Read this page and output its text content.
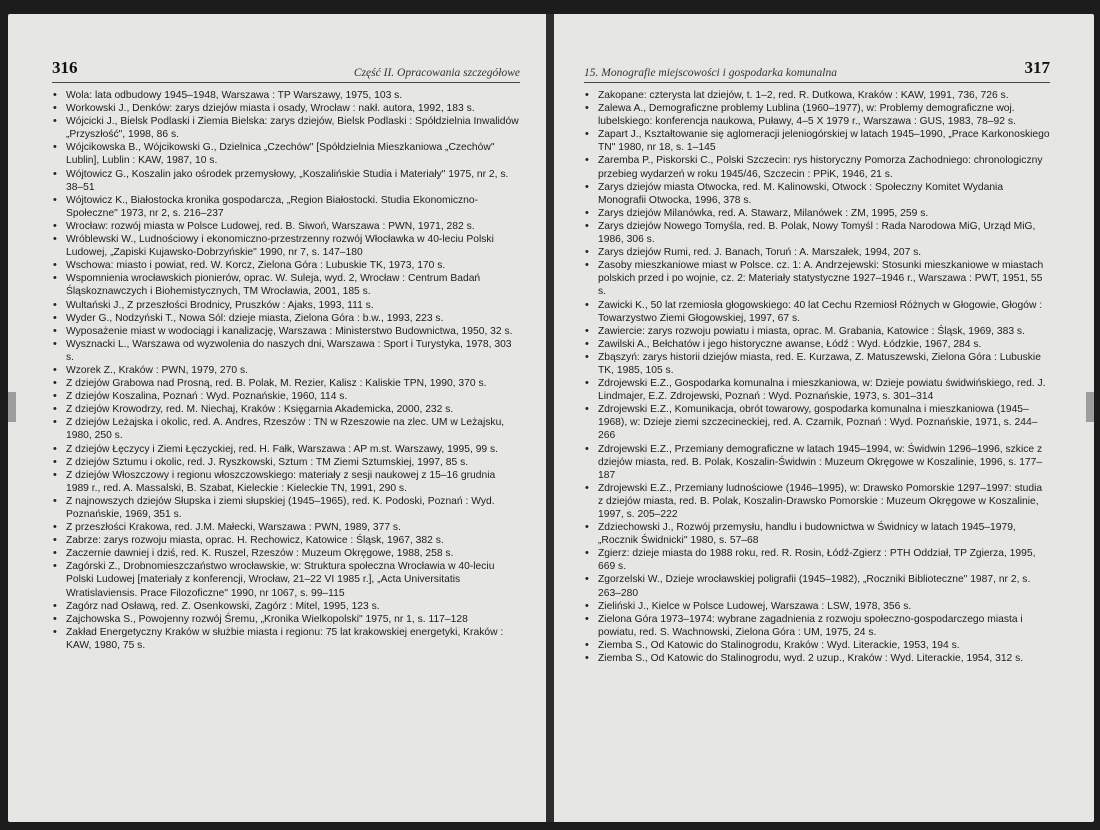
316	Część II. Opracowania szczegółowe
• Wola: lata odbudowy 1945–1948, Warszawa : TP Warszawy, 1975, 103 s.
• Workowski J., Denków: zarys dziejów miasta i osady, Wrocław : nakł. autora, 1992, 183 s.
• Wójcicki J., Bielsk Podlaski i Ziemia Bielska: zarys dziejów, Bielsk Podlaski : Spółdzielnia Inwalidów „Przyszłość", 1998, 86 s.
• Wójcikowska B., Wójcikowski G., Dzielnica „Czechów" [Spółdzielnia Mieszkaniowa „Czechów" Lublin], Lublin : KAW, 1987, 10 s.
• Wójtowicz G., Koszalin jako ośrodek przemysłowy, „Koszalińskie Studia i Materiały" 1975, nr 2, s. 38–51
• Wójtowicz K., Białostocka kronika gospodarcza, „Region Białostocki. Studia Ekonomiczno-Społeczne" 1973, nr 2, s. 216–237
• Wrocław: rozwój miasta w Polsce Ludowej, red. B. Siwoń, Warszawa : PWN, 1971, 282 s.
• Wróblewski W., Ludnościowy i ekonomiczno-przestrzenny rozwój Włocławka w 40-leciu Polski Ludowej, „Zapiski Kujawsko-Dobrzyńskie" 1990, nr 7, s. 147–180
• Wschowa: miasto i powiat, red. W. Korcz, Zielona Góra : Lubuskie TK, 1973, 170 s.
• Wspomnienia wrocławskich pionierów, oprac. W. Suleja, wyd. 2, Wrocław : Centrum Badań Śląskoznawczych i Biohemistycznych, TM Wrocławia, 2001, 185 s.
• Wultański J., Z przeszłości Brodnicy, Pruszków : Ajaks, 1993, 111 s.
• Wyder G., Nodzyński T., Nowa Sól: dzieje miasta, Zielona Góra : b.w., 1993, 223 s.
• Wyposażenie miast w wodociągi i kanalizację, Warszawa : Ministerstwo Budownictwa, 1950, 32 s.
• Wysznacki L., Warszawa od wyzwolenia do naszych dni, Warszawa : Sport i Turystyka, 1978, 303 s.
• Wzorek Z., Kraków : PWN, 1979, 270 s.
• Z dziejów Grabowa nad Prosną, red. B. Polak, M. Rezier, Kalisz : Kaliskie TPN, 1990, 370 s.
• Z dziejów Koszalina, Poznań : Wyd. Poznańskie, 1960, 114 s.
• Z dziejów Krowodrzy, red. M. Niechaj, Kraków : Księgarnia Akademicka, 2000, 232 s.
• Z dziejów Leżajska i okolic, red. A. Andres, Rzeszów : TN w Rzeszowie na zlec. UM w Leżajsku, 1980, 250 s.
• Z dziejów Łęczycy i Ziemi Łęczyckiej, red. H. Fałk, Warszawa : AP m.st. Warszawy, 1995, 99 s.
• Z dziejów Sztumu i okolic, red. J. Ryszkowski, Sztum : TM Ziemi Sztumskiej, 1997, 85 s.
• Z dziejów Włoszczowy i regionu włoszczowskiego: materiały z sesji naukowej z 15–16 grudnia 1989 r., red. A. Massalski, B. Szabat, Kieleckie : Kieleckie TN, 1991, 290 s.
• Z najnowszych dziejów Słupska i ziemi słupskiej (1945–1965), red. K. Podoski, Poznań : Wyd. Poznańskie, 1969, 351 s.
• Z przeszłości Krakowa, red. J.M. Małecki, Warszawa : PWN, 1989, 377 s.
• Zabrze: zarys rozwoju miasta, oprac. H. Rechowicz, Katowice : Śląsk, 1967, 382 s.
• Zaczernie dawniej i dziś, red. K. Ruszel, Rzeszów : Muzeum Okręgowe, 1988, 258 s.
• Zagórski Z., Drobnomieszczaństwo wrocławskie, w: Struktura społeczna Wrocławia w 40-leciu Polski Ludowej [materiały z konferencji, Wrocław, 21–22 VI 1985 r.], „Acta Universitatis Wratislaviensis. Prace Filozoficzne" 1990, nr 1067, s. 99–115
• Zagórz nad Osławą, red. Z. Osenkowski, Zagórz : Mitel, 1995, 123 s.
• Zajchowska S., Powojenny rozwój Śremu, „Kronika Wielkopolski" 1975, nr 1, s. 117–128
• Zakład Energetyczny Kraków w służbie miasta i regionu: 75 lat krakowskiej energetyki, Kraków : KAW, 1980, 75 s.
15. Monografie miejscowości i gospodarka komunalna	317
• Zakopane: czterysta lat dziejów, t. 1–2, red. R. Dutkowa, Kraków : KAW, 1991, 736, 726 s.
• Zalewa A., Demograficzne problemy Lublina (1960–1977), w: Problemy demograficzne woj. lubelskiego: konferencja naukowa, Puławy, 4–5 X 1979 r., Warszawa : GUS, 1983, 78–92 s.
• Zapart J., Kształtowanie się aglomeracji jeleniogórskiej w latach 1945–1990, „Prace Karkonoskiego TN" 1980, nr 18, s. 1–145
• Zaremba P., Piskorski C., Polski Szczecin: rys historyczny Pomorza Zachodniego: chronologiczny przebieg wydarzeń w roku 1945/46, Szczecin : PPiK, 1946, 21 s.
• Zarys dziejów miasta Otwocka, red. M. Kalinowski, Otwock : Społeczny Komitet Wydania Monografii Otwocka, 1996, 378 s.
• Zarys dziejów Milanówka, red. A. Stawarz, Milanówek : ZM, 1995, 259 s.
• Zarys dziejów Nowego Tomyśla, red. B. Polak, Nowy Tomyśl : Rada Narodowa MiG, Urząd MiG, 1986, 306 s.
• Zarys dziejów Rumi, red. J. Banach, Toruń : A. Marszałek, 1994, 207 s.
• Zasoby mieszkaniowe miast w Polsce. cz. 1: A. Andrzejewski: Stosunki mieszkaniowe w miastach polskich przed i po wojnie, cz. 2: Materiały statystyczne 1927–1946 r., Warszawa : PWT, 1951, 55 s.
• Zawicki K., 50 lat rzemiosła głogowskiego: 40 lat Cechu Rzemiosł Różnych w Głogowie, Głogów : Towarzystwo Ziemi Głogowskiej, 1997, 67 s.
• Zawiercie: zarys rozwoju powiatu i miasta, oprac. M. Grabania, Katowice : Śląsk, 1969, 383 s.
• Zawilski A., Bełchatów i jego historyczne awanse, Łódź : Wyd. Łódzkie, 1967, 284 s.
• Zbąszyń: zarys historii dziejów miasta, red. E. Kurzawa, Z. Matuszewski, Zielona Góra : Lubuskie TK, 1985, 105 s.
• Zdrojewski E.Z., Gospodarka komunalna i mieszkaniowa, w: Dzieje powiatu świdwińskiego, red. J. Lindmajer, E.Z. Zdrojewski, Poznań : Wyd. Poznańskie, 1973, s. 301–314
• Zdrojewski E.Z., Komunikacja, obrót towarowy, gospodarka komunalna i mieszkaniowa (1945–1968), w: Dzieje ziemi szczecineckiej, red. A. Czarnik, Poznań : Wyd. Poznańskie, 1971, s. 244–266
• Zdrojewski E.Z., Przemiany demograficzne w latach 1945–1994, w: Świdwin 1296–1996, szkice z dziejów miasta, red. B. Polak, Koszalin-Świdwin : Muzeum Okręgowe w Koszalinie, 1996, s. 177–187
• Zdrojewski E.Z., Przemiany ludnościowe (1946–1995), w: Drawsko Pomorskie 1297–1997: studia z dziejów miasta, red. B. Polak, Koszalin-Drawsko Pomorskie : Muzeum Okręgowe w Koszalinie, 1997, s. 205–222
• Zdziechowski J., Rozwój przemysłu, handlu i budownictwa w Świdnicy w latach 1945–1979, „Rocznik Świdnicki" 1980, s. 57–68
• Zgierz: dzieje miasta do 1988 roku, red. R. Rosin, Łódź-Zgierz : PTH Oddział, TP Zgierza, 1995, 669 s.
• Zgorzelski W., Dzieje wrocławskiej poligrafii (1945–1982), „Roczniki Biblioteczne" 1987, nr 2, s. 263–280
• Zieliński J., Kielce w Polsce Ludowej, Warszawa : LSW, 1978, 356 s.
• Zielona Góra 1973–1974: wybrane zagadnienia z rozwoju społeczno-gospodarczego miasta i powiatu, red. S. Wachnowski, Zielona Góra : UM, 1975, 24 s.
• Ziemba S., Od Katowic do Stalinogrodu, Kraków : Wyd. Literackie, 1953, 194 s.
• Ziemba S., Od Katowic do Stalinogrodu, wyd. 2 uzup., Kraków : Wyd. Literackie, 1954, 312 s.
